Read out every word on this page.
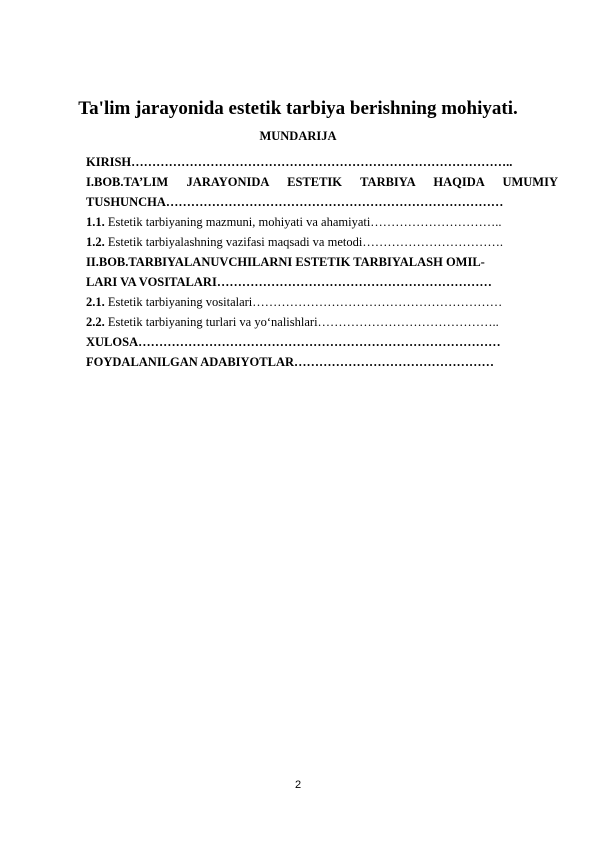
Ta'lim jarayonida estetik tarbiya berishning mohiyati.
MUNDARIJA
KIRISH………………………………………………………………………………..
I.BOB.TA’LIM JARAYONIDA ESTETIK TARBIYA HAQIDA UMUMIY
TUSHUNCHA………………………………………………………………………
1.1. Estetik tarbiyaning mazmuni, mohiyati va ahamiyati…………………………..
1.2. Estetik tarbiyalashning vazifasi maqsadi va metodi…………………………….
II.BOB.TARBIYALANUVCHILARNI ESTETIK TARBIYALASH OMIL-
LARI VA VOSITALARI…………………………………………………………
2.1. Estetik tarbiyaning vositalari……………………………………………………
2.2. Estetik tarbiyaning turlari va yo‘nalishlari……………………………………..
XULOSA……………………………………………………………………………
FOYDALANILGAN ADABIYOTLAR…………………………………………
2
